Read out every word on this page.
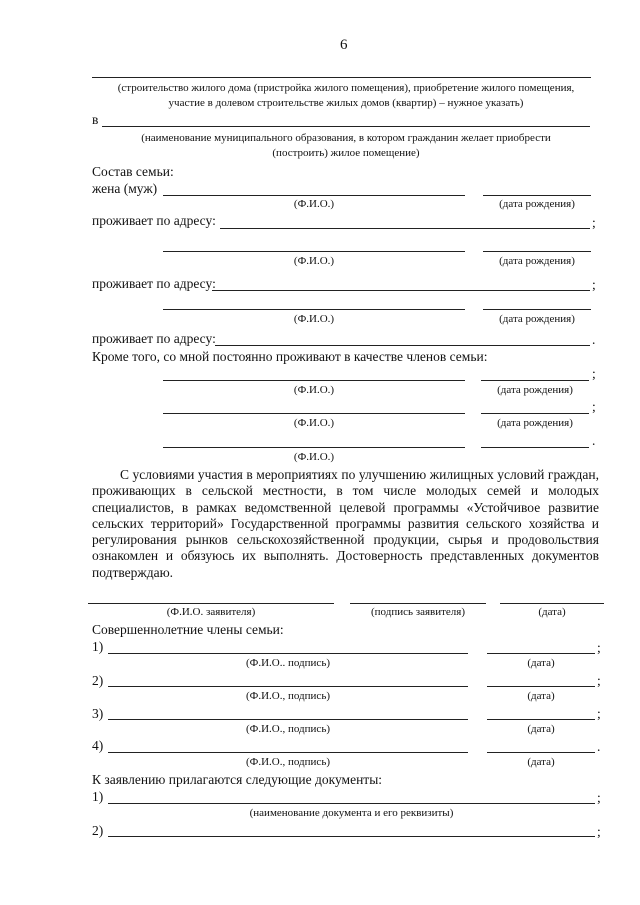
6
(строительство жилого дома (пристройка жилого помещения), приобретение жилого помещения,
участие в долевом строительстве жилых домов (квартир) – нужное указать)
в
(наименование муниципального образования, в котором гражданин желает приобрести
(построить) жилое помещение)
Состав семьи:
жена (муж)
(Ф.И.О.)	(дата рождения)
проживает по адресу:	;
(Ф.И.О.)	(дата рождения)
проживает по адресу:	;
(Ф.И.О.)	(дата рождения)
проживает по адресу:	.
Кроме того, со мной постоянно проживают в качестве членов семьи:
;
(Ф.И.О.)	(дата рождения)
;
(Ф.И.О.)	(дата рождения)
.
(Ф.И.О.)
С условиями участия в мероприятиях по улучшению жилищных условий граждан, проживающих в сельской местности, в том числе молодых семей и молодых специалистов, в рамках ведомственной целевой программы «Устойчивое развитие сельских территорий» Государственной программы развития сельского хозяйства и регулирования рынков сельскохозяйственной продукции, сырья и продовольствия ознакомлен и обязуюсь их выполнять. Достоверность представленных документов подтверждаю.
(Ф.И.О. заявителя)	(подпись заявителя)	(дата)
Совершеннолетние члены семьи:
1)	;
(Ф.И.О.. подпись)	(дата)
2)	;
(Ф.И.О., подпись)	(дата)
3)	;
(Ф.И.О., подпись)	(дата)
4)	.
(Ф.И.О., подпись)	(дата)
К заявлению прилагаются следующие документы:
1)	;
(наименование документа и его реквизиты)
2)	;
